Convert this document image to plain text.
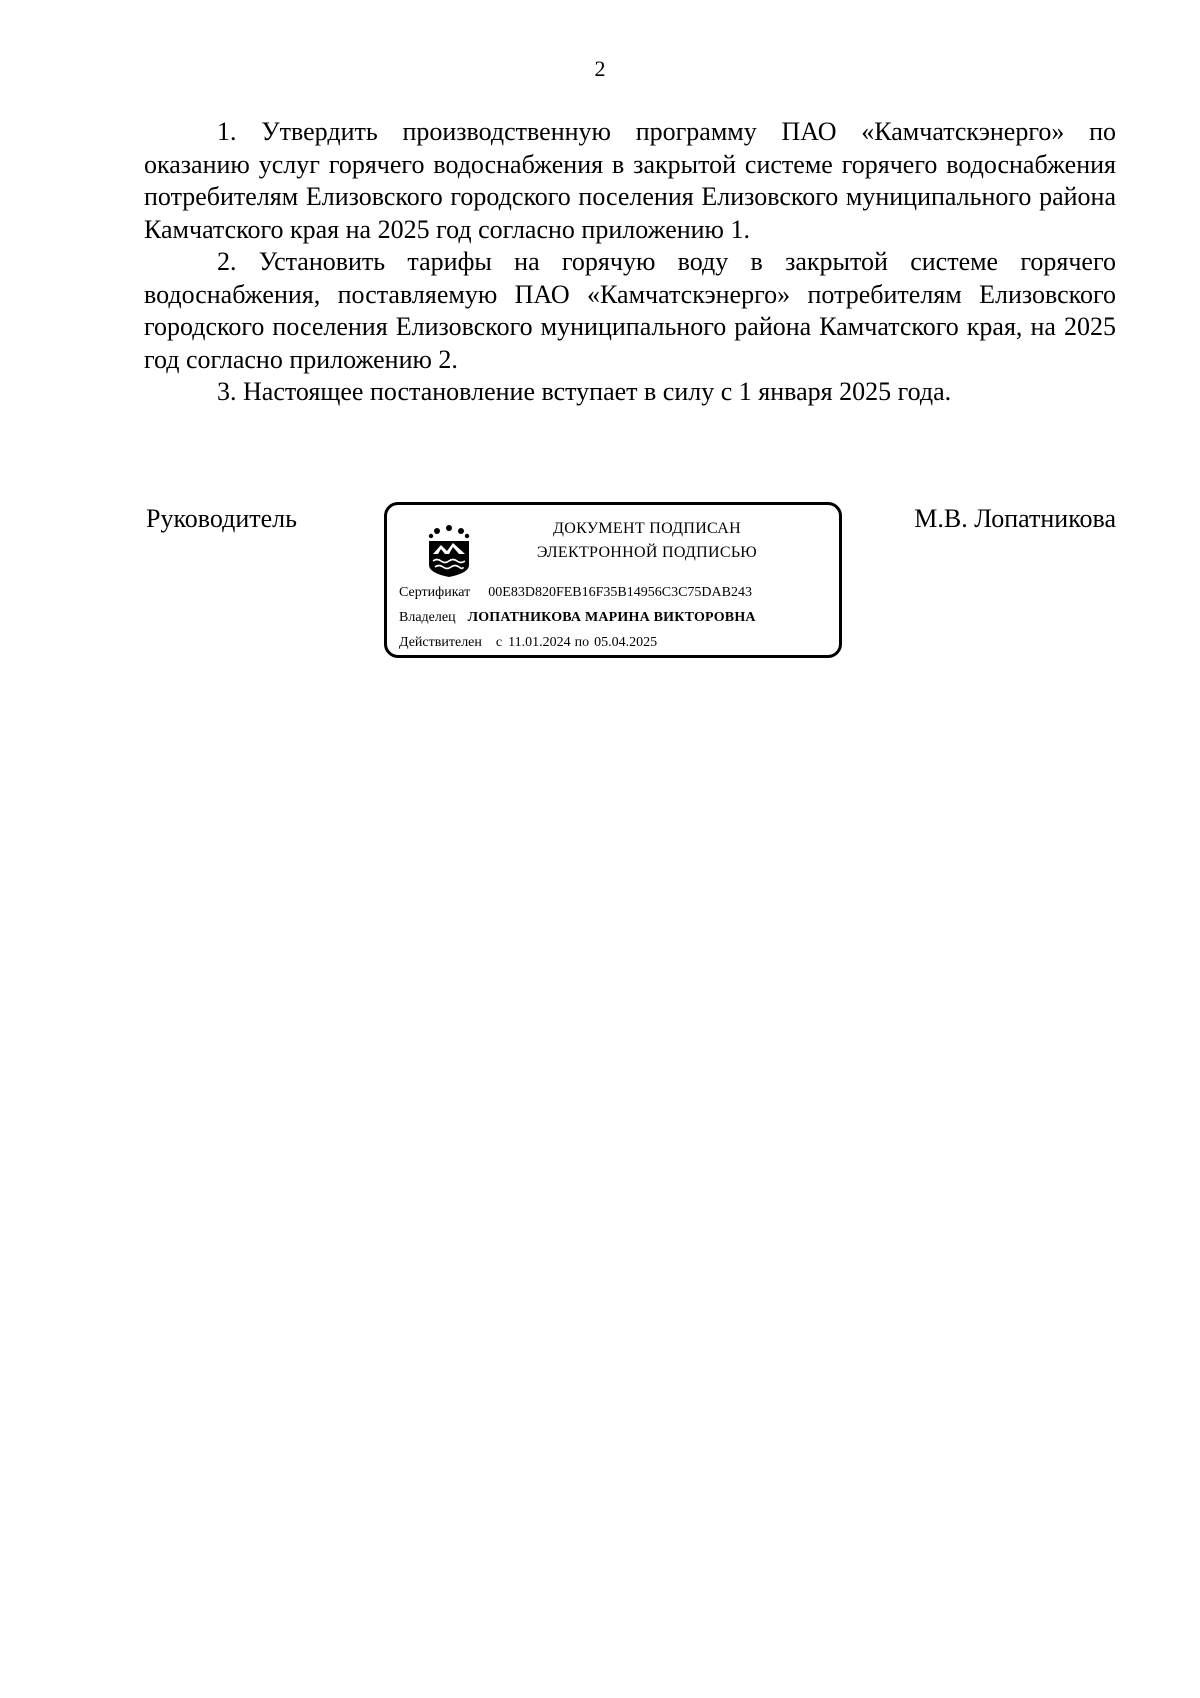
2

1. Утвердить производственную программу ПАО «Камчатскэнерго» по оказанию услуг горячего водоснабжения в закрытой системе горячего водоснабжения потребителям Елизовского городского поселения Елизовского муниципального района Камчатского края на 2025 год согласно приложению 1.

2. Установить тарифы на горячую воду в закрытой системе горячего водоснабжения, поставляемую ПАО «Камчатскэнерго» потребителям Елизовского городского поселения Елизовского муниципального района Камчатского края, на 2025 год согласно приложению 2.

3. Настоящее постановление вступает в силу с 1 января 2025 года.

Руководитель	ДОКУМЕНТ ПОДПИСАН
ЭЛЕКТРОННОЙ ПОДПИСЬЮ
Сертификат 00E83D820FEB16F35B14956C3C75DAB243
Владелец ЛОПАТНИКОВА МАРИНА ВИКТОРОВНА
Действителен с 11.01.2024 по 05.04.2025
М.В. Лопатникова
